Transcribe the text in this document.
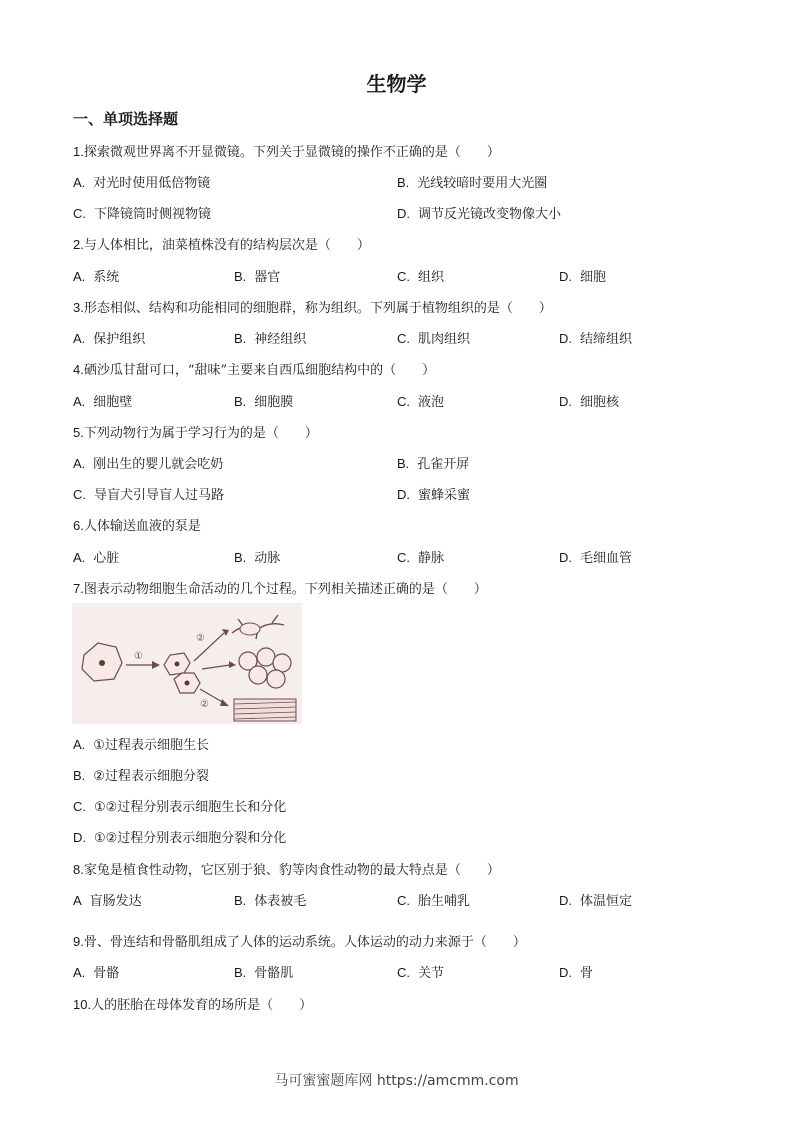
生物学
一、单项选择题
1.探索微观世界离不开显微镜。下列关于显微镜的操作不正确的是（　　）
A. 对光时使用低倍物镜	B. 光线较暗时要用大光圈
C. 下降镜筒时侧视物镜	D. 调节反光镜改变物像大小
2.与人体相比，油菜植株没有的结构层次是（　　）
A. 系统	B. 器官	C. 组织	D. 细胞
3.形态相似、结构和功能相同的细胞群，称为组织。下列属于植物组织的是（　　）
A. 保护组织	B. 神经组织	C. 肌肉组织	D. 结缔组织
4.硒沙瓜甘甜可口，“甜味”主要来自西瓜细胞结构中的（　　）
A. 细胞壁	B. 细胞膜	C. 液泡	D. 细胞核
5.下列动物行为属于学习行为的是（　　）
A. 刚出生的婴儿就会吃奶	B. 孔雀开屏
C. 导盲犬引导盲人过马路	D. 蜜蜂采蜜
6.人体输送血液的泵是
A. 心脏	B. 动脉	C. 静脉	D. 毛细血管
7.图表示动物细胞生命活动的几个过程。下列相关描述正确的是（　　）
①
②
②
A. ①过程表示细胞生长
B. ②过程表示细胞分裂
C. ①②过程分别表示细胞生长和分化
D. ①②过程分别表示细胞分裂和分化
8.家兔是植食性动物，它区别于狼、豹等肉食性动物的最大特点是（　　）
A 盲肠发达	B. 体表被毛	C. 胎生哺乳	D. 体温恒定
9.骨、骨连结和骨骼肌组成了人体的运动系统。人体运动的动力来源于（　　）
A. 骨骼	B. 骨骼肌	C. 关节	D. 骨
10.人的胚胎在母体发育的场所是（　　）
马可蜜蜜题库网 https://amcmm.com
